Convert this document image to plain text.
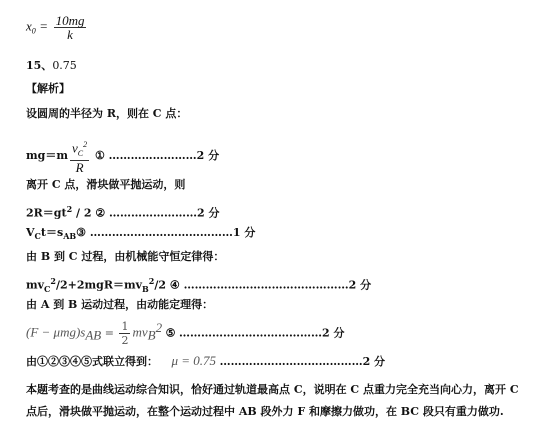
$x_0 = \frac{10mg}{k}$
15、0.75
【解析】
设圆周的半径为 R，则在 C 点：
$mg=m \frac{v_C^2}{R}$ ① ……………………2 分
离开 C 点，滑块做平抛运动，则
$2R=gt^2 / 2$ ② ……………………2 分
$V_Ct=s_{AB}③$ …………………………………1 分
由 B 到 C 过程，由机械能守恒定律得：
$mv_C^2/2+2mgR=mv_B^2/2$ ④ ………………………………………2 分
由 A 到 B 运动过程，由动能定理得：
$(F - \mu mg)s_{AB} = \frac{1}{2} mv_B^2$ ⑤ …………………………………2 分
由①②③④⑤式联立得到： μ = 0.75 …………………………………2 分
本题考查的是曲线运动综合知识，恰好通过轨道最高点 C，说明在 C 点重力完全充当向心力，离开 C 点后，滑块做平抛运动，在整个运动过程中 AB 段外力 F 和摩擦力做功，在 BC 段只有重力做功.
